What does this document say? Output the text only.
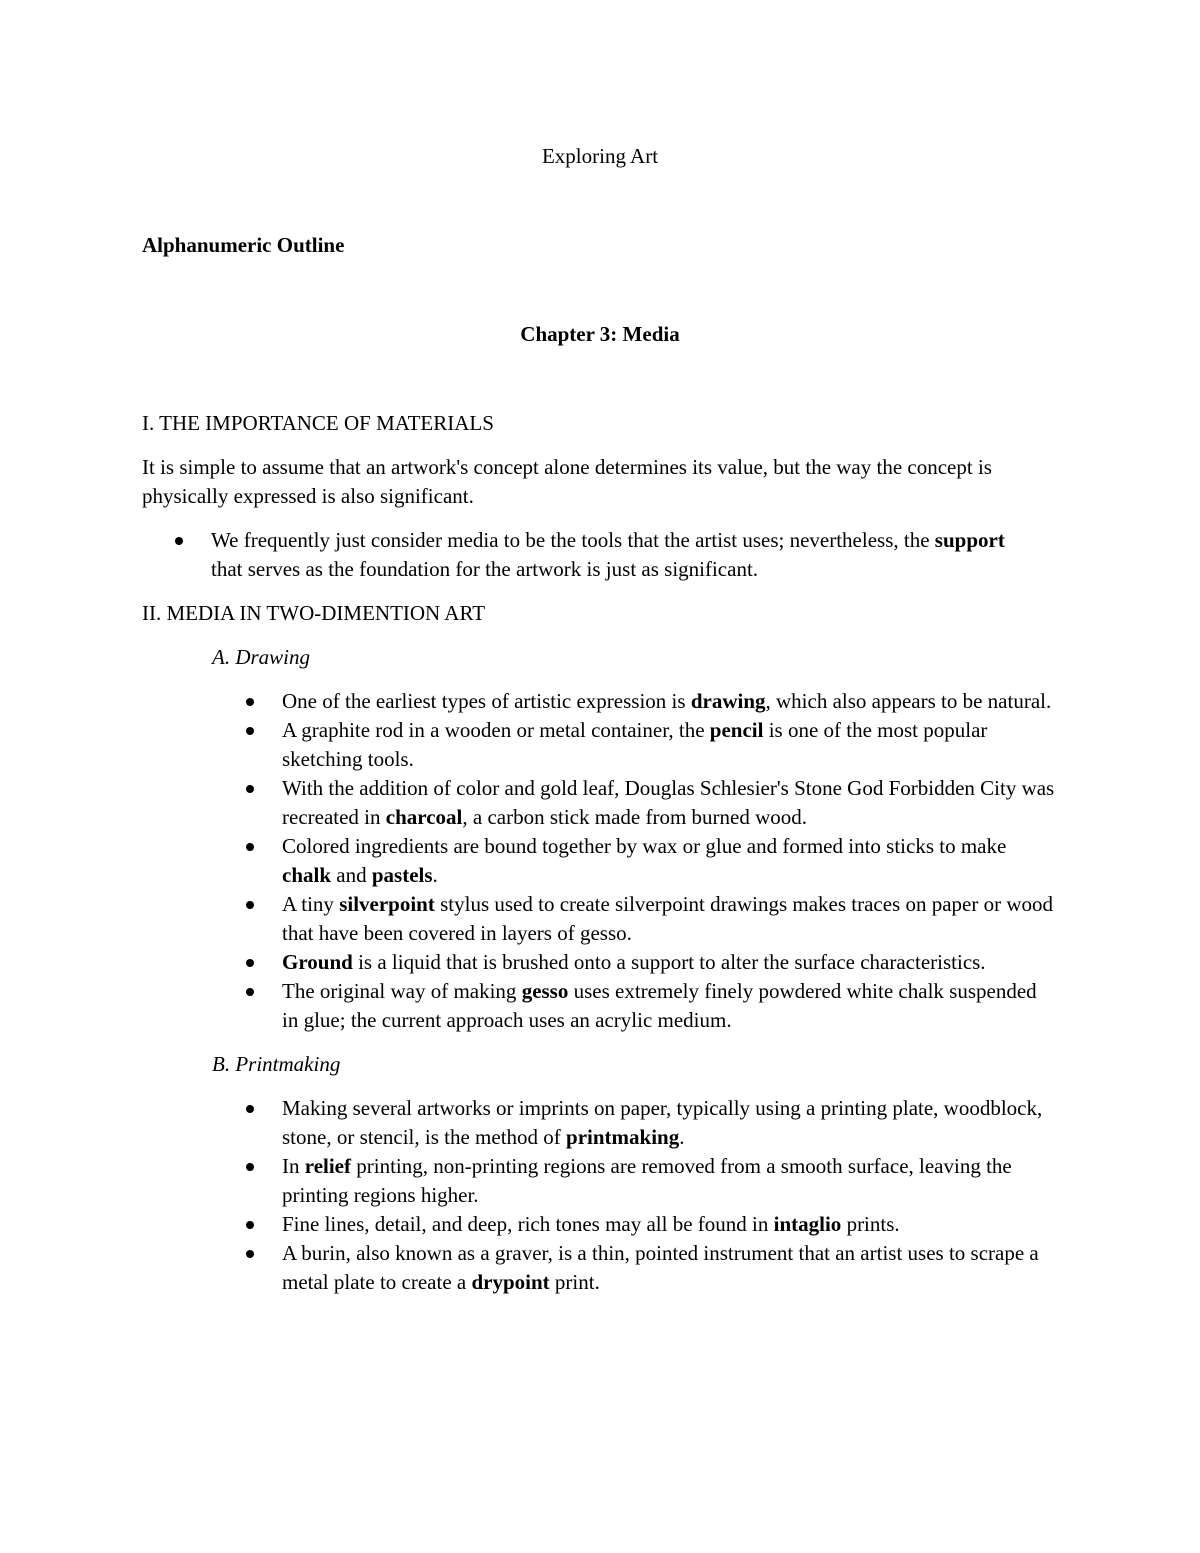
Exploring Art
Alphanumeric Outline
Chapter 3: Media
I. THE IMPORTANCE OF MATERIALS

It is simple to assume that an artwork's concept alone determines its value, but the way the concept is physically expressed is also significant.

We frequently just consider media to be the tools that the artist uses; nevertheless, the support that serves as the foundation for the artwork is just as significant.
II. MEDIA IN TWO-DIMENTION ART
A. Drawing
One of the earliest types of artistic expression is drawing, which also appears to be natural.
A graphite rod in a wooden or metal container, the pencil is one of the most popular sketching tools.
With the addition of color and gold leaf, Douglas Schlesier's Stone God Forbidden City was recreated in charcoal, a carbon stick made from burned wood.
Colored ingredients are bound together by wax or glue and formed into sticks to make chalk and pastels.
A tiny silverpoint stylus used to create silverpoint drawings makes traces on paper or wood that have been covered in layers of gesso.
Ground is a liquid that is brushed onto a support to alter the surface characteristics.
The original way of making gesso uses extremely finely powdered white chalk suspended in glue; the current approach uses an acrylic medium.
B. Printmaking
Making several artworks or imprints on paper, typically using a printing plate, woodblock, stone, or stencil, is the method of printmaking.
In relief printing, non-printing regions are removed from a smooth surface, leaving the printing regions higher.
Fine lines, detail, and deep, rich tones may all be found in intaglio prints.
A burin, also known as a graver, is a thin, pointed instrument that an artist uses to scrape a metal plate to create a drypoint print.
